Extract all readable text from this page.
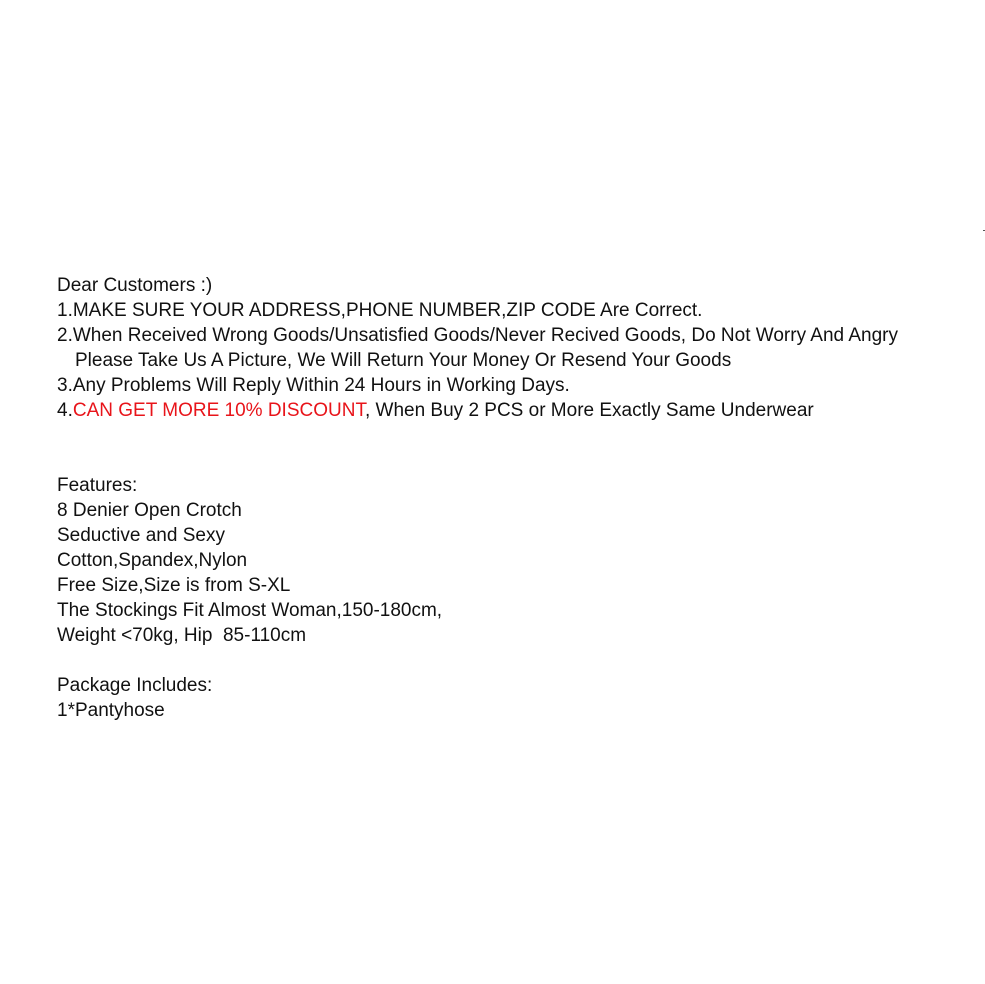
Dear Customers :)
1.MAKE SURE YOUR ADDRESS,PHONE NUMBER,ZIP CODE Are Correct.
2.When Received Wrong Goods/Unsatisfied Goods/Never Recived Goods, Do Not Worry And Angry
Please Take Us A Picture, We Will Return Your Money Or Resend Your Goods
3.Any Problems Will Reply Within 24 Hours in Working Days.
4.CAN GET MORE 10% DISCOUNT, When Buy 2 PCS or More Exactly Same Underwear
Features:
8 Denier Open Crotch
Seductive and Sexy
Cotton,Spandex,Nylon
Free Size,Size is from S-XL
The Stockings Fit Almost Woman,150-180cm,
Weight <70kg, Hip  85-110cm
Package Includes:
1*Pantyhose
